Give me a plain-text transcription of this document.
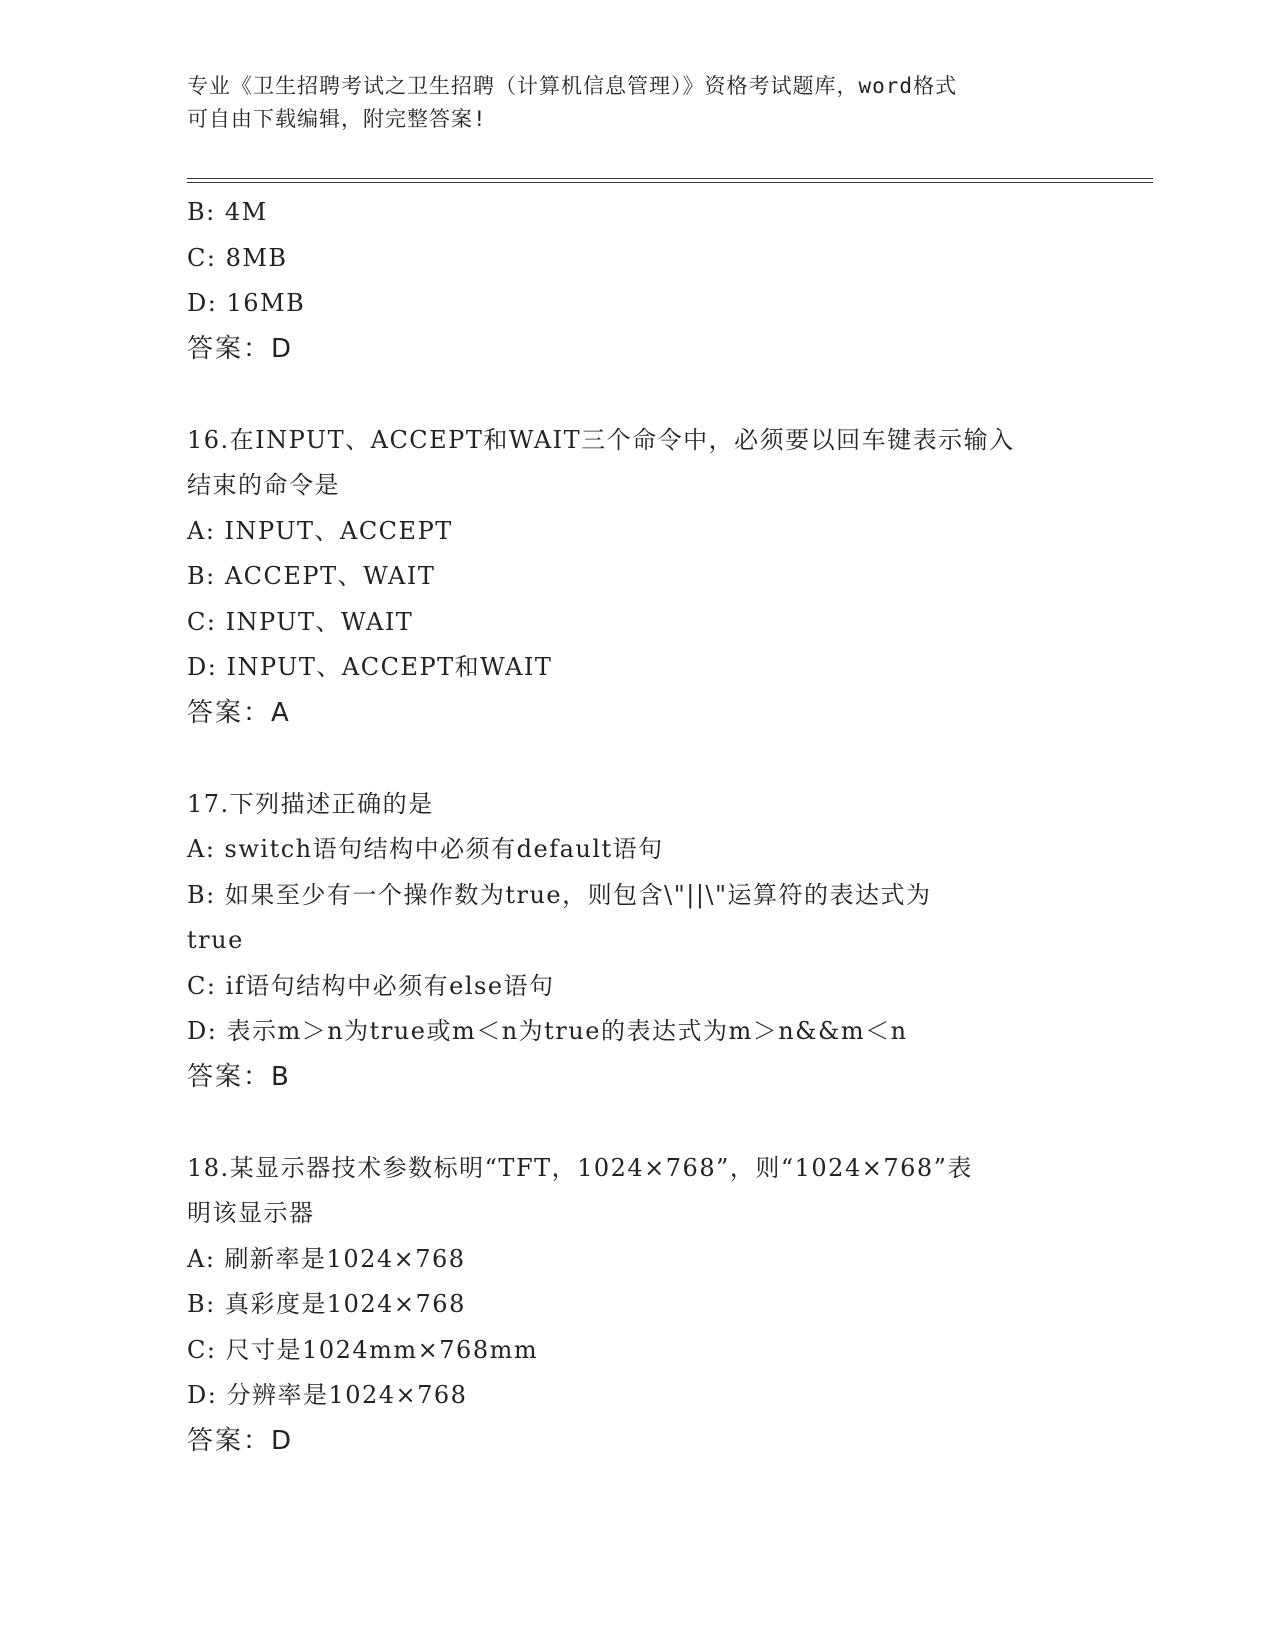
专业《卫生招聘考试之卫生招聘（计算机信息管理）》资格考试题库，word格式
可自由下载编辑，附完整答案!
B: 4M
C: 8MB
D: 16MB
答案：D
16.在INPUT、ACCEPT和WAIT三个命令中，必须要以回车键表示输入
结束的命令是
A: INPUT、ACCEPT
B: ACCEPT、WAIT
C: INPUT、WAIT
D: INPUT、ACCEPT和WAIT
答案：A
17.下列描述正确的是
A: switch语句结构中必须有default语句
B: 如果至少有一个操作数为true，则包含\"||\"运算符的表达式为
true
C: if语句结构中必须有else语句
D: 表示m＞n为true或m＜n为true的表达式为m＞n&&m＜n
答案：B
18.某显示器技术参数标明“TFT，1024×768”，则“1024×768”表
明该显示器
A: 刷新率是1024×768
B: 真彩度是1024×768
C: 尺寸是1024mm×768mm
D: 分辨率是1024×768
答案：D
